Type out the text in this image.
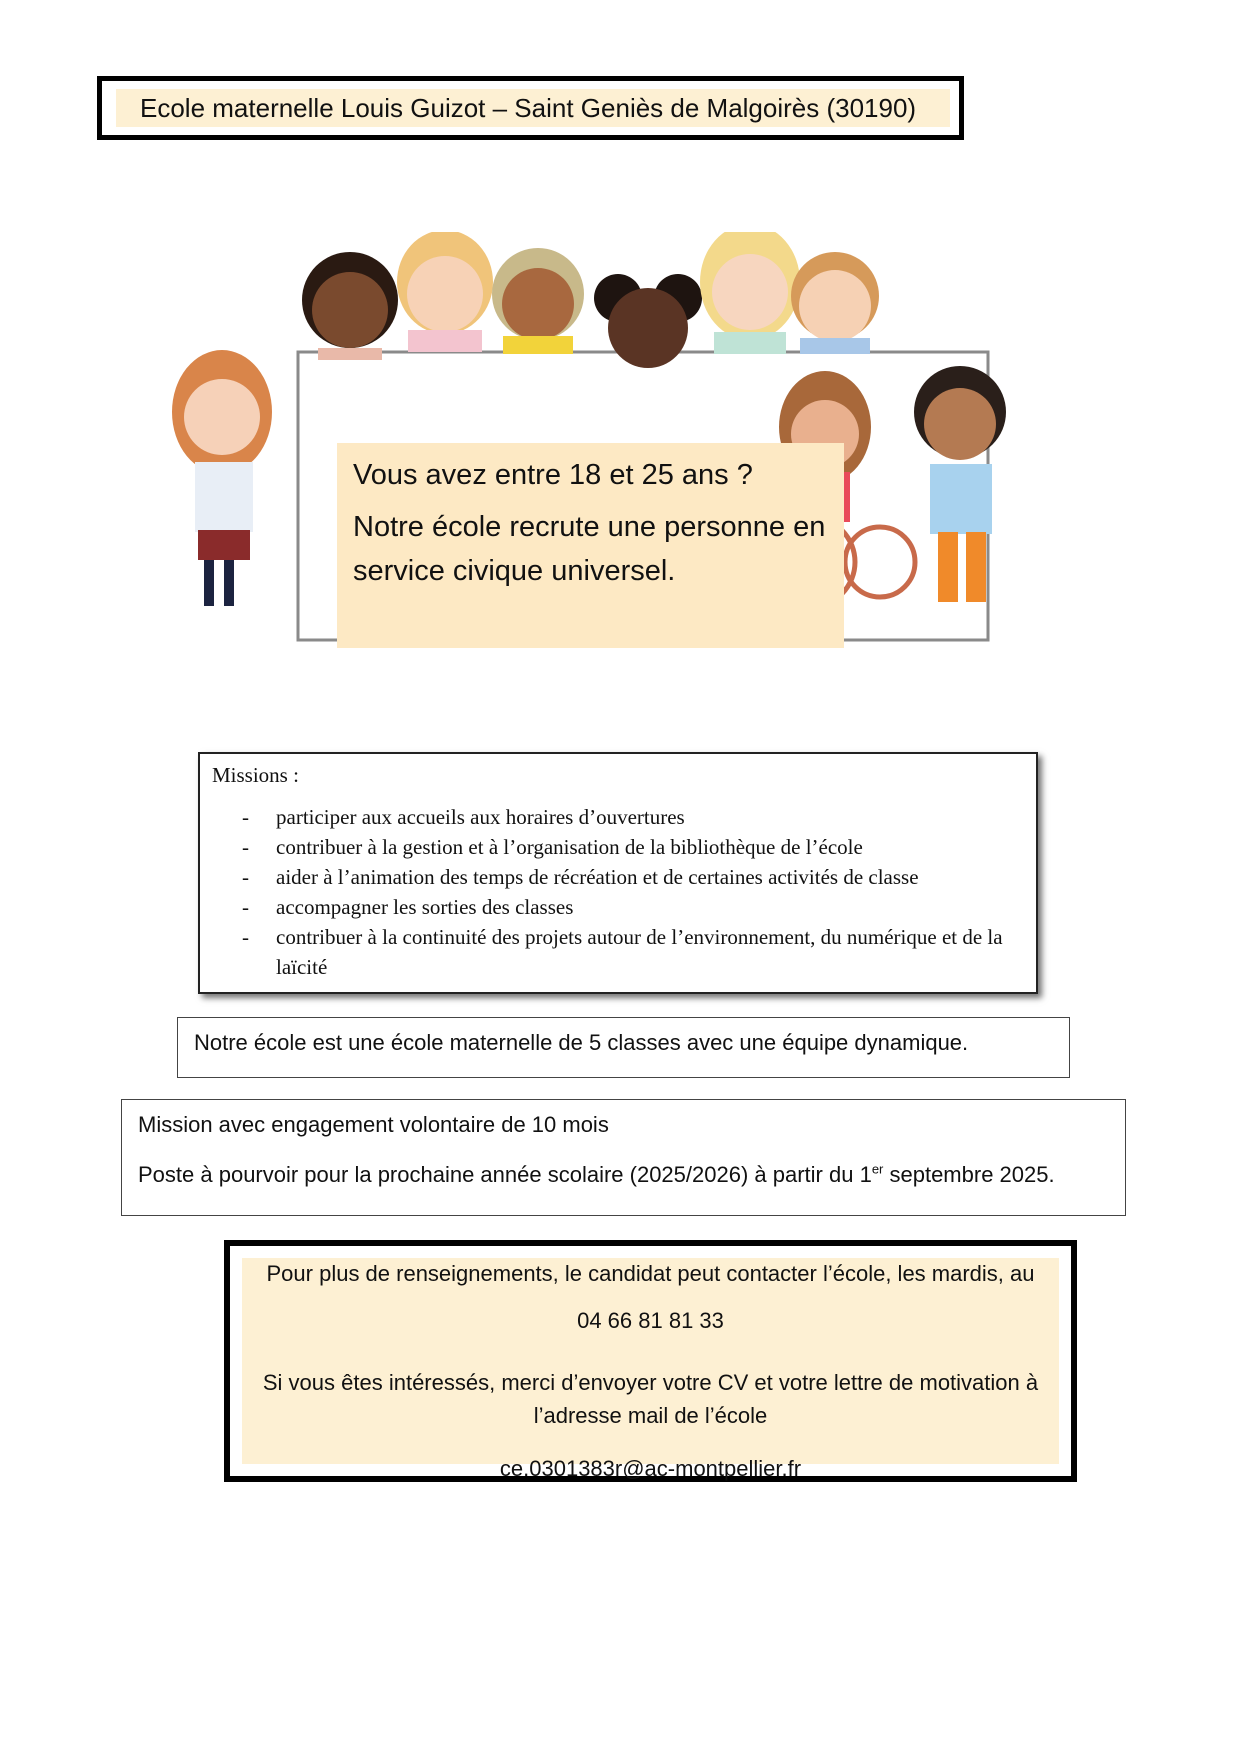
Ecole maternelle Louis Guizot – Saint Geniès de Malgoirès (30190)

Vous avez entre 18 et 25 ans ?

Notre école recrute une personne en service civique universel.

Missions :

- participer aux accueils aux horaires d’ouvertures
- contribuer à la gestion et à l’organisation de la bibliothèque de l’école
- aider à l’animation des temps de récréation et de certaines activités de classe
- accompagner les sorties des classes
- contribuer à la continuité des projets autour de l’environnement, du numérique et de la laïcité
Notre école est une école maternelle de 5 classes avec une équipe dynamique.

Mission avec engagement volontaire de 10 mois

Poste à pourvoir pour la prochaine année scolaire (2025/2026) à partir du 1er septembre 2025.

Pour plus de renseignements, le candidat peut contacter l’école, les mardis, au

04 66 81 81 33

Si vous êtes intéressés, merci d’envoyer votre CV et votre lettre de motivation à l’adresse mail de l’école

ce.0301383r@ac-montpellier.fr
